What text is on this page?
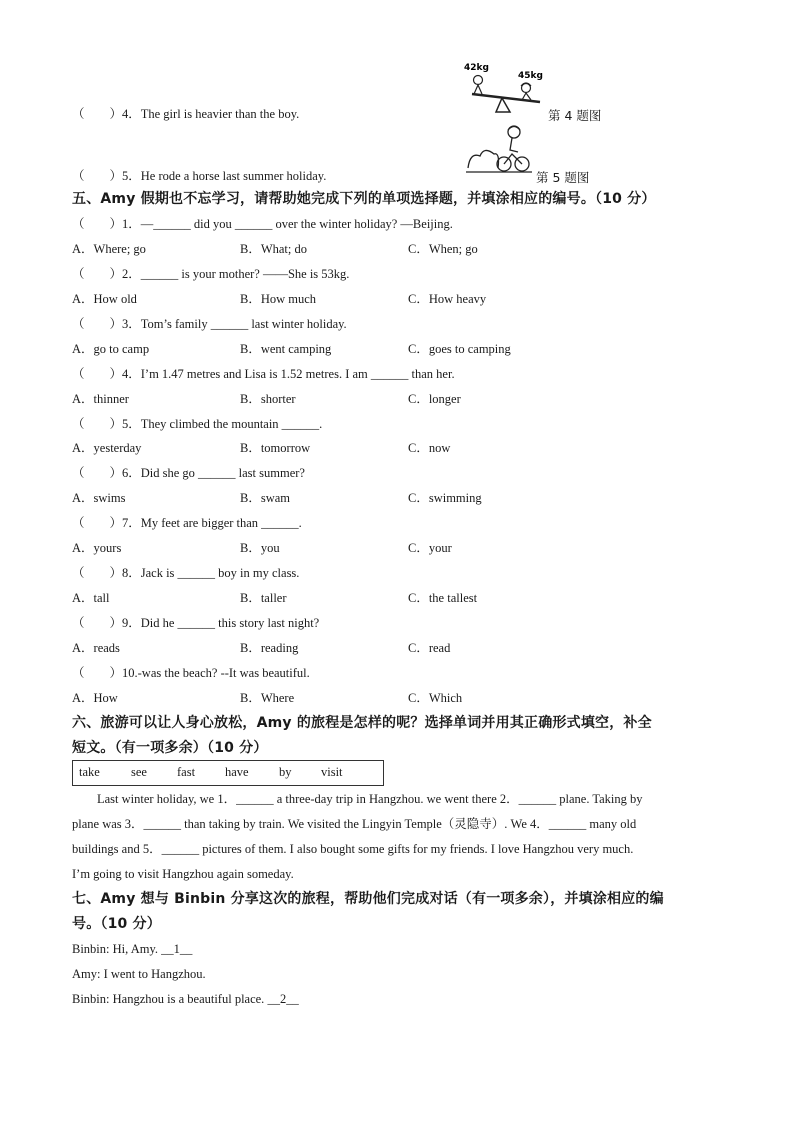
（　　）4．The girl is heavier than the boy.
（　　）5．He rode a horse last summer holiday.
42kg
45kg
第 4 题图
第 5 题图
五、Amy 假期也不忘学习，请帮助她完成下列的单项选择题，并填涂相应的编号。（10 分）
（　　）1．—______ did you ______ over the winter holiday? —Beijing.
A．Where; go	B．What; do	C．When; go
（　　）2．______ is your mother? ——She is 53kg.
A．How old	B．How much	C．How heavy
（　　）3．Tom’s family ______ last winter holiday.
A．go to camp	B．went camping	C．goes to camping
（　　）4．I’m 1.47 metres and Lisa is 1.52 metres. I am ______ than her.
A．thinner	B．shorter	C．longer
（　　）5．They climbed the mountain ______.
A．yesterday	B．tomorrow	C．now
（　　）6．Did she go ______ last summer?
A．swims	B．swam	C．swimming
（　　）7．My feet are bigger than ______.
A．yours	B．you	C．your
（　　）8．Jack is ______ boy in my class.
A．tall	B．taller	C．the tallest
（　　）9．Did he ______ this story last night?
A．reads	B．reading	C．read
（　　）10.-was the beach? --It was beautiful.
A．How	B．Where	C．Which
六、旅游可以让人身心放松，Amy 的旅程是怎样的呢？选择单词并用其正确形式填空，补全
短文。（有一项多余）（10 分）
take see fast have by visit
　　Last winter holiday, we 1．______ a three-day trip in Hangzhou. we went there 2．______ plane. Taking by
plane was 3．______ than taking by train. We visited the Lingyin Temple（灵隐寺）. We 4．______ many old
buildings and 5．______ pictures of them. I also bought some gifts for my friends. I love Hangzhou very much.
I’m going to visit Hangzhou again someday.
七、Amy 想与 Binbin 分享这次的旅程，帮助他们完成对话（有一项多余），并填涂相应的编
号。（10 分）
Binbin: Hi, Amy. __1__
Amy: I went to Hangzhou.
Binbin: Hangzhou is a beautiful place. __2__
